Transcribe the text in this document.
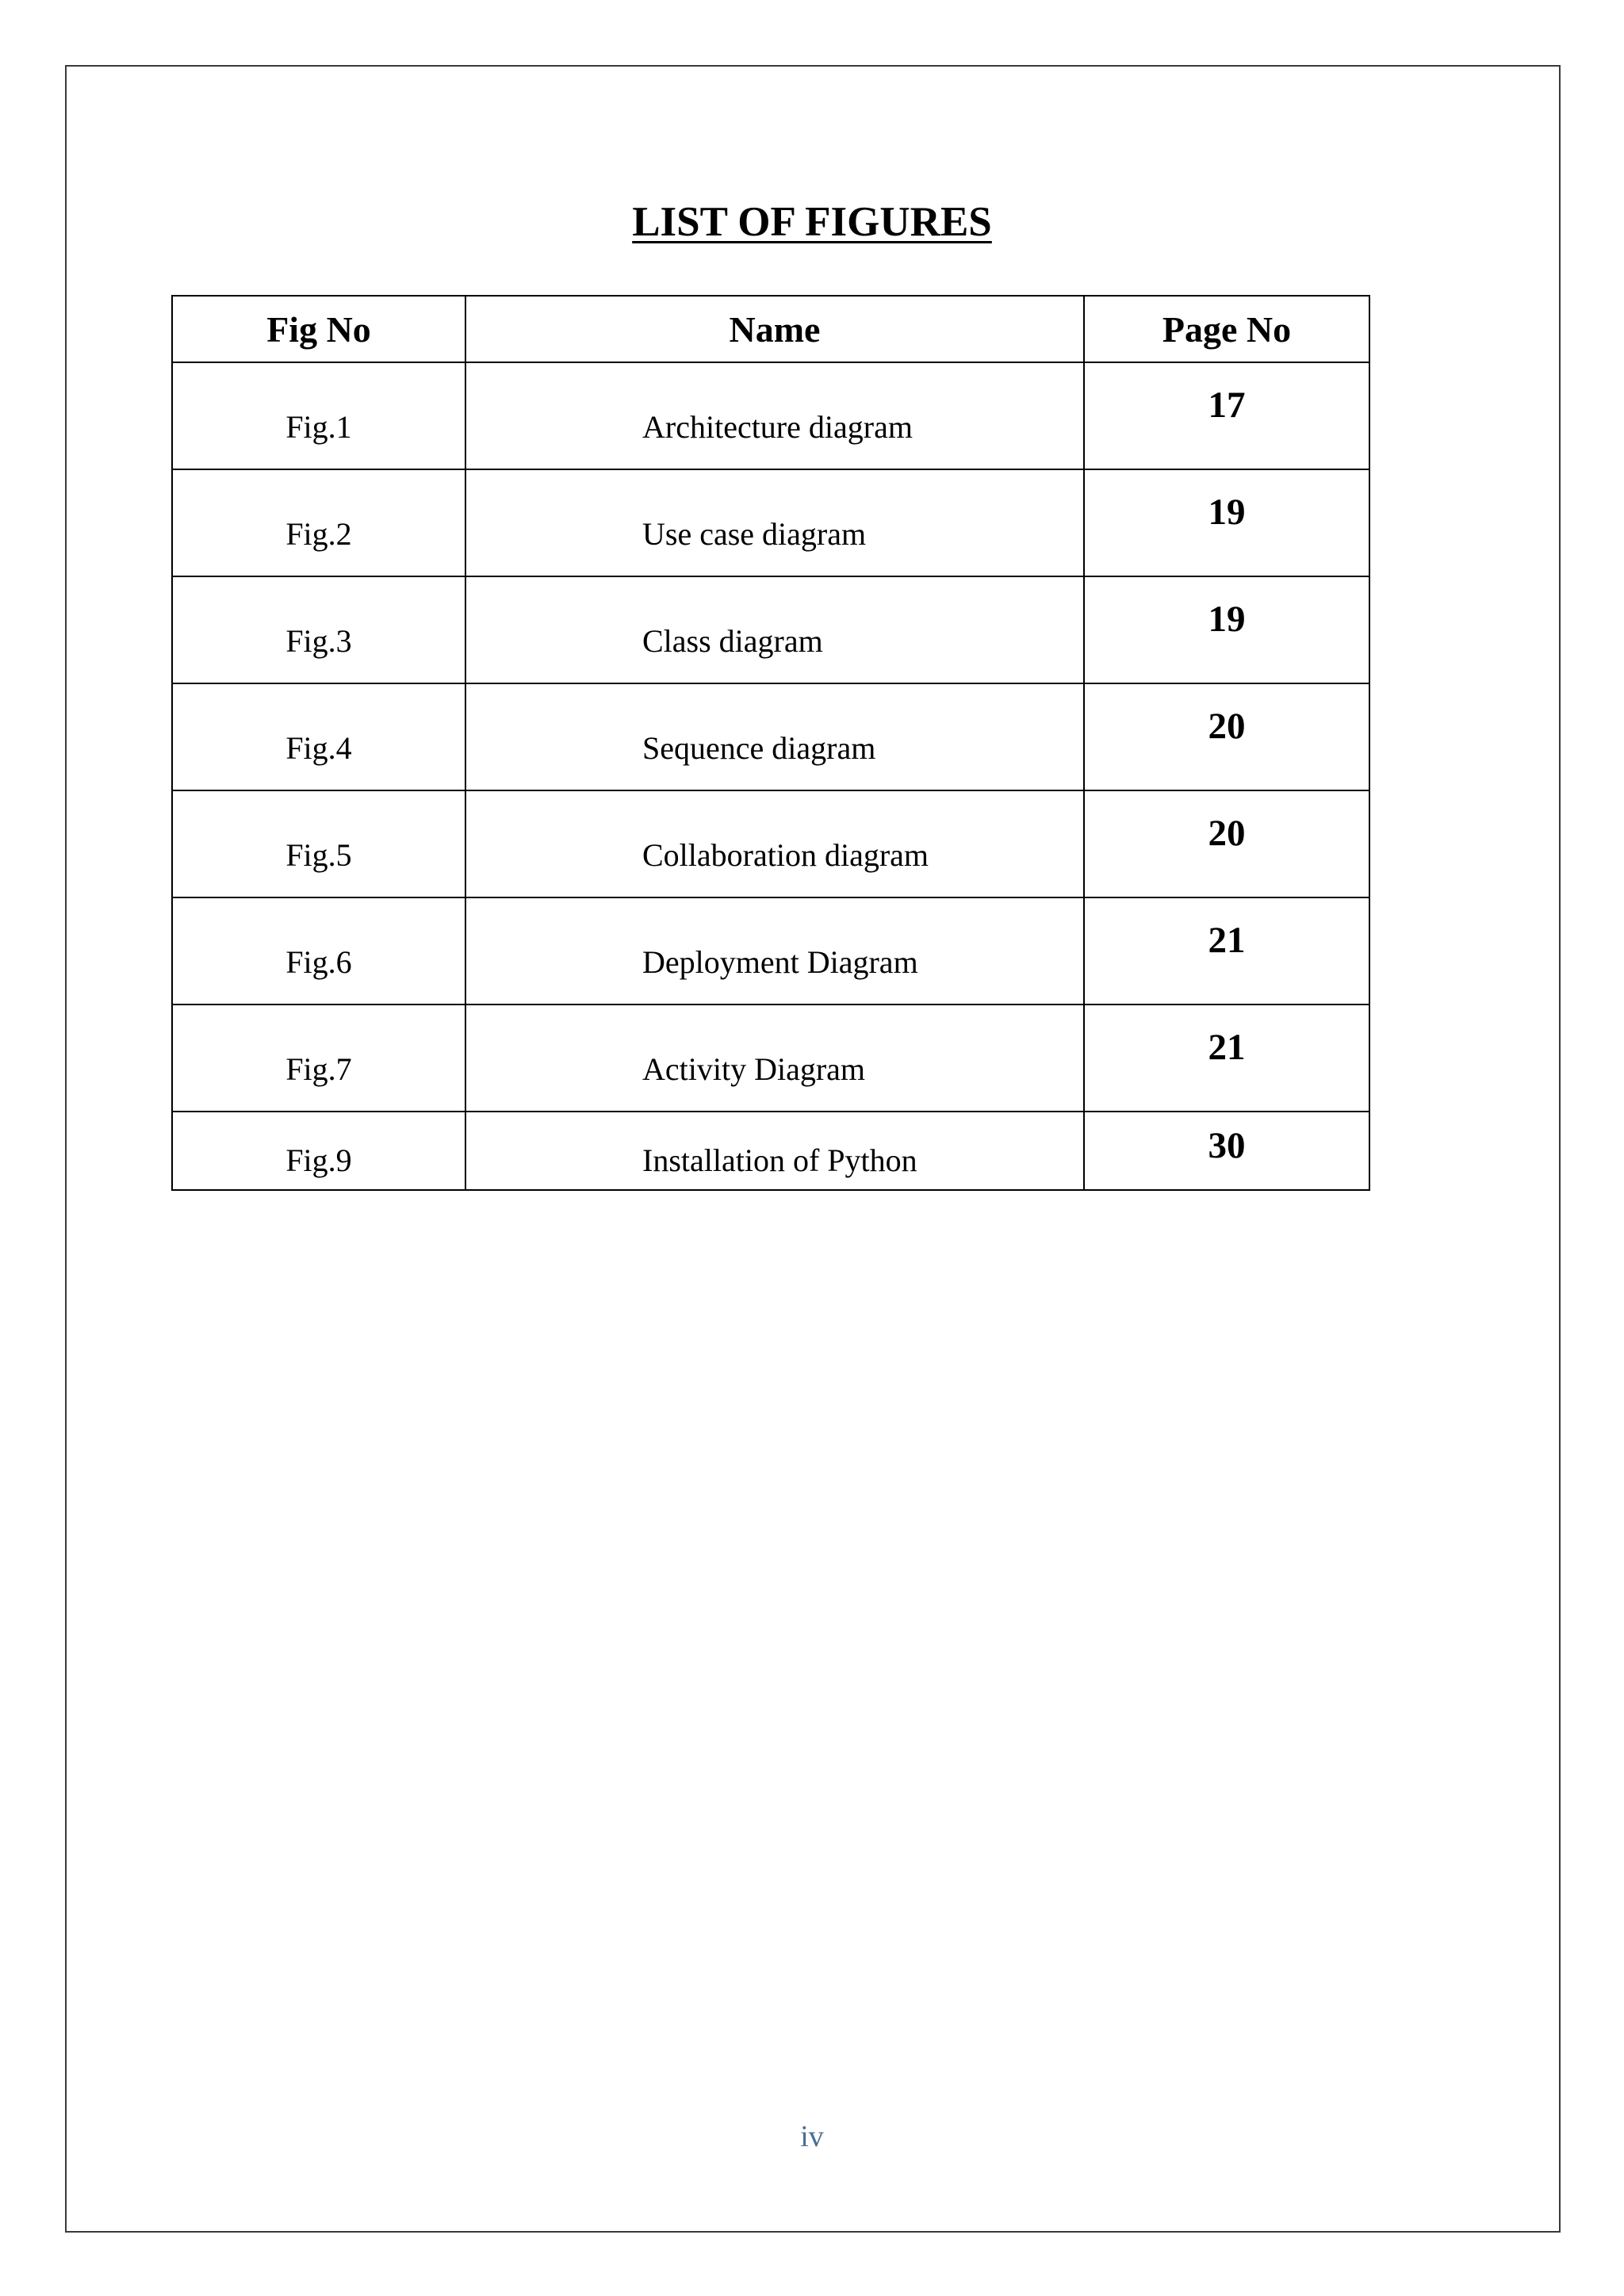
LIST OF FIGURES
Fig No	Name	Page No
Fig.1	Architecture diagram	17
Fig.2	Use case diagram	19
Fig.3	Class diagram	19
Fig.4	Sequence diagram	20
Fig.5	Collaboration diagram	20
Fig.6	Deployment Diagram	21
Fig.7	Activity Diagram	21
Fig.9	Installation of Python	30
iv
